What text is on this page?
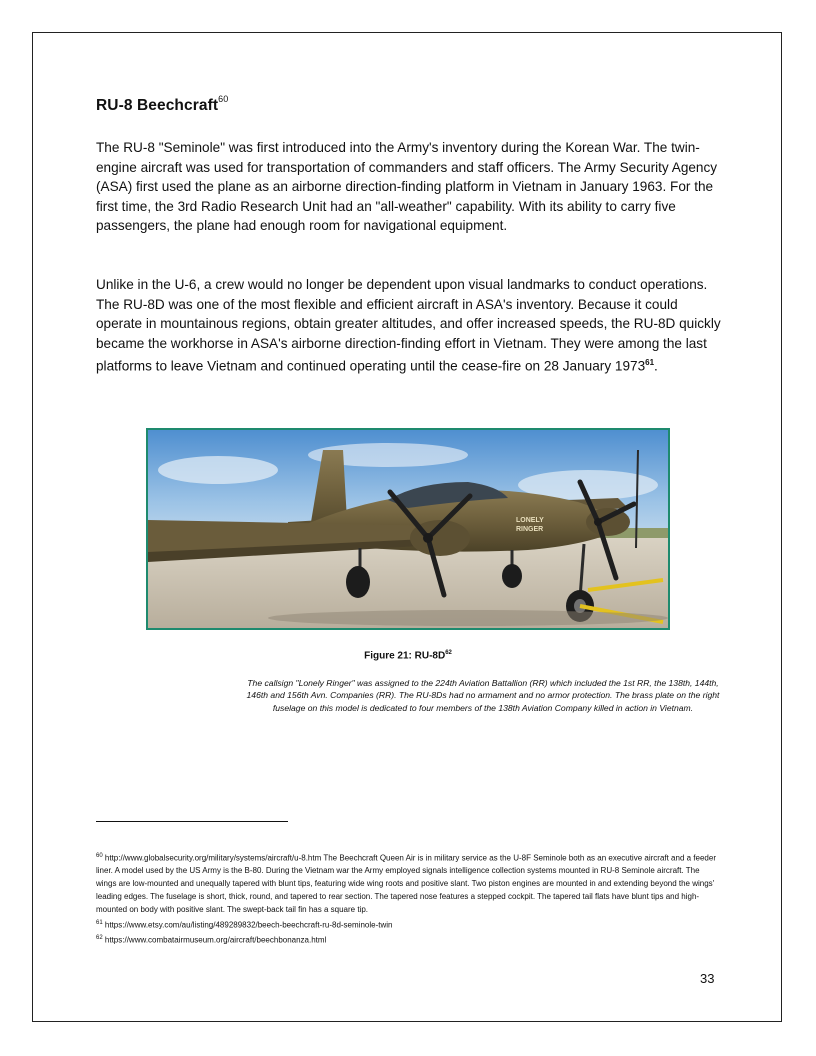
RU-8 Beechcraft$^{60}$

The RU-8 "Seminole" was first introduced into the Army's inventory during the Korean War. The twin-engine aircraft was used for transportation of commanders and staff officers. The Army Security Agency (ASA) first used the plane as an airborne direction-finding platform in Vietnam in January 1963. For the first time, the 3rd Radio Research Unit had an "all-weather" capability. With its ability to carry five passengers, the plane had enough room for navigational equipment.

Unlike in the U-6, a crew would no longer be dependent upon visual landmarks to conduct operations. The RU-8D was one of the most flexible and efficient aircraft in ASA's inventory. Because it could operate in mountainous regions, obtain greater altitudes, and offer increased speeds, the RU-8D quickly became the workhorse in ASA's airborne direction-finding effort in Vietnam. They were among the last platforms to leave Vietnam and continued operating until the cease-fire on 28 January 1973$^{61}$.

LONELY
RINGER
Figure 21: $RU-8D^{62}$
The callsign "Lonely Ringer" was assigned to the 224th Aviation Battallion (RR) which included the 1st RR, the 138th, 144th, 146th and 156th Avn. Companies (RR). The RU-8Ds had no armament and no armor protection. The brass plate on the right fuselage on this model is dedicated to four members of the 138th Aviation Company killed in action in Vietnam.

$^{60}$ http://www.globalsecurity.org/military/systems/aircraft/u-8.htm The Beechcraft Queen Air is in military service as the U-8F Seminole both as an executive aircraft and a feeder liner. A model used by the US Army is the B-80. During the Vietnam war the Army employed signals intelligence collection systems mounted in RU-8 Seminole aircraft. The wings are low-mounted and unequally tapered with blunt tips, featuring wide wing roots and positive slant. Two piston engines are mounted in and extending beyond the wings' leading edges. The fuselage is short, thick, round, and tapered to rear section. The tapered nose features a stepped cockpit. The tapered tail flats have blunt tips and high-mounted on body with positive slant. The swept-back tail fin has a square tip.

$^{61}$ https://www.etsy.com/au/listing/489289832/beech-beechcraft-ru-8d-seminole-twin

$^{62}$ https://www.combatairmuseum.org/aircraft/beechbonanza.html

33
